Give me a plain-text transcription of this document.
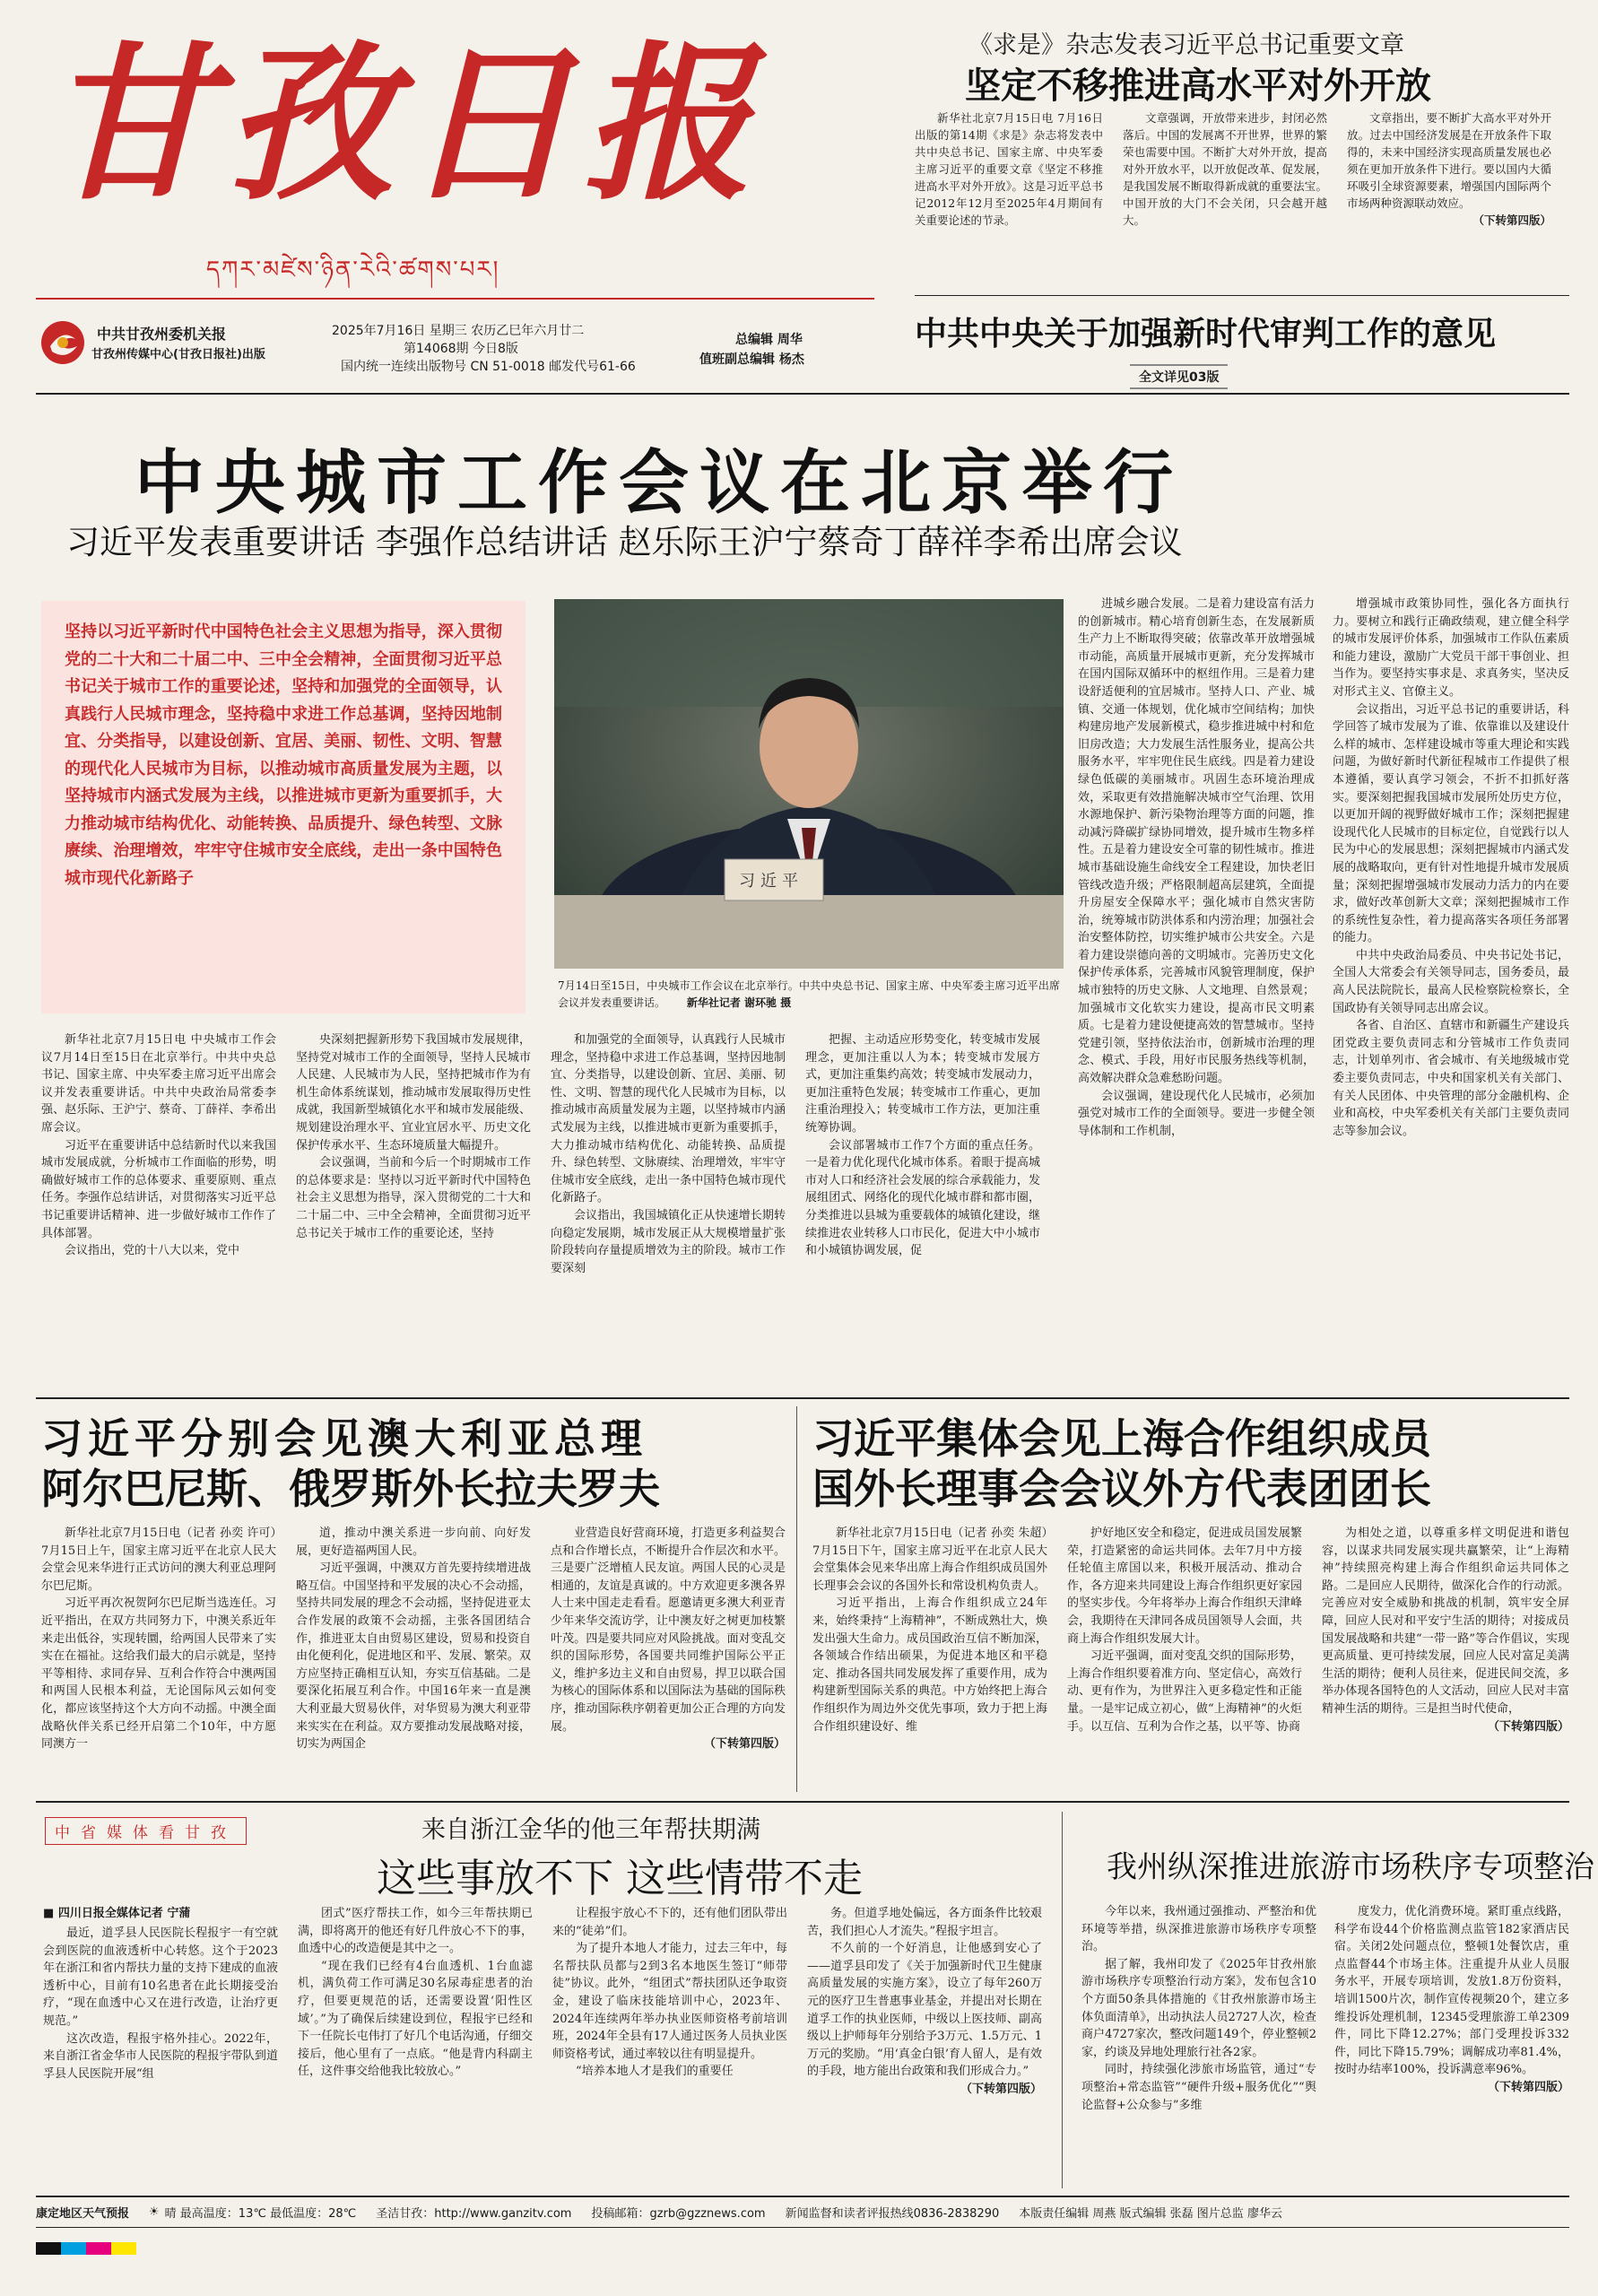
甘孜日报
དཀར་མཛེས་ཉིན་རེའི་ཚགས་པར།
中共甘孜州委机关报
甘孜州传媒中心(甘孜日报社)出版
2025年7月16日 星期三 农历乙巳年六月廿二
第14068期 今日8版
国内统一连续出版物号 CN 51-0018 邮发代号61-66
总编辑 周华
值班副总编辑 杨杰
《求是》杂志发表习近平总书记重要文章
坚定不移推进高水平对外开放

新华社北京7月15日电 7月16日出版的第14期《求是》杂志将发表中共中央总书记、国家主席、中央军委主席习近平的重要文章《坚定不移推进高水平对外开放》。这是习近平总书记2012年12月至2025年4月期间有关重要论述的节录。

文章强调，开放带来进步，封闭必然落后。中国的发展离不开世界，世界的繁荣也需要中国。不断扩大对外开放，提高对外开放水平，以开放促改革、促发展，是我国发展不断取得新成就的重要法宝。中国开放的大门不会关闭，只会越开越大。

文章指出，要不断扩大高水平对外开放。过去中国经济发展是在开放条件下取得的，未来中国经济实现高质量发展也必须在更加开放条件下进行。要以国内大循环吸引全球资源要素，增强国内国际两个市场两种资源联动效应。

（下转第四版）

中共中央关于加强新时代审判工作的意见
全文详见03版
中央城市工作会议在北京举行
习近平发表重要讲话 李强作总结讲话 赵乐际王沪宁蔡奇丁薛祥李希出席会议
坚持以习近平新时代中国特色社会主义思想为指导，深入贯彻党的二十大和二十届二中、三中全会精神，全面贯彻习近平总书记关于城市工作的重要论述，坚持和加强党的全面领导，认真践行人民城市理念，坚持稳中求进工作总基调，坚持因地制宜、分类指导，以建设创新、宜居、美丽、韧性、文明、智慧的现代化人民城市为目标，以推动城市高质量发展为主题，以坚持城市内涵式发展为主线，以推进城市更新为重要抓手，大力推动城市结构优化、动能转换、品质提升、绿色转型、文脉赓续、治理增效，牢牢守住城市安全底线，走出一条中国特色城市现代化新路子	习近平
7月14日至15日，中央城市工作会议在北京举行。中共中央总书记、国家主席、中央军委主席习近平出席会议并发表重要讲话。 新华社记者 谢环驰 摄

新华社北京7月15日电 中央城市工作会议7月14日至15日在北京举行。中共中央总书记、国家主席、中央军委主席习近平出席会议并发表重要讲话。中共中央政治局常委李强、赵乐际、王沪宁、蔡奇、丁薛祥、李希出席会议。

习近平在重要讲话中总结新时代以来我国城市发展成就，分析城市工作面临的形势，明确做好城市工作的总体要求、重要原则、重点任务。李强作总结讲话，对贯彻落实习近平总书记重要讲话精神、进一步做好城市工作作了具体部署。

会议指出，党的十八大以来，党中

央深刻把握新形势下我国城市发展规律，坚持党对城市工作的全面领导，坚持人民城市人民建、人民城市为人民，坚持把城市作为有机生命体系统谋划，推动城市发展取得历史性成就，我国新型城镇化水平和城市发展能级、规划建设治理水平、宜业宜居水平、历史文化保护传承水平、生态环境质量大幅提升。

会议强调，当前和今后一个时期城市工作的总体要求是：坚持以习近平新时代中国特色社会主义思想为指导，深入贯彻党的二十大和二十届二中、三中全会精神，全面贯彻习近平总书记关于城市工作的重要论述，坚持

和加强党的全面领导，认真践行人民城市理念，坚持稳中求进工作总基调，坚持因地制宜、分类指导，以建设创新、宜居、美丽、韧性、文明、智慧的现代化人民城市为目标，以推动城市高质量发展为主题，以坚持城市内涵式发展为主线，以推进城市更新为重要抓手，大力推动城市结构优化、动能转换、品质提升、绿色转型、文脉赓续、治理增效，牢牢守住城市安全底线，走出一条中国特色城市现代化新路子。

会议指出，我国城镇化正从快速增长期转向稳定发展期，城市发展正从大规模增量扩张阶段转向存量提质增效为主的阶段。城市工作要深刻

把握、主动适应形势变化，转变城市发展理念，更加注重以人为本；转变城市发展方式，更加注重集约高效；转变城市发展动力，更加注重特色发展；转变城市工作重心，更加注重治理投入；转变城市工作方法，更加注重统筹协调。

会议部署城市工作7个方面的重点任务。一是着力优化现代化城市体系。着眼于提高城市对人口和经济社会发展的综合承载能力，发展组团式、网络化的现代化城市群和都市圈，分类推进以县城为重要载体的城镇化建设，继续推进农业转移人口市民化，促进大中小城市和小城镇协调发展，促

进城乡融合发展。二是着力建设富有活力的创新城市。精心培育创新生态，在发展新质生产力上不断取得突破；依靠改革开放增强城市动能，高质量开展城市更新，充分发挥城市在国内国际双循环中的枢纽作用。三是着力建设舒适便利的宜居城市。坚持人口、产业、城镇、交通一体规划，优化城市空间结构；加快构建房地产发展新模式，稳步推进城中村和危旧房改造；大力发展生活性服务业，提高公共服务水平，牢牢兜住民生底线。四是着力建设绿色低碳的美丽城市。巩固生态环境治理成效，采取更有效措施解决城市空气治理、饮用水源地保护、新污染物治理等方面的问题，推动减污降碳扩绿协同增效，提升城市生物多样性。五是着力建设安全可靠的韧性城市。推进城市基础设施生命线安全工程建设，加快老旧管线改造升级；严格限制超高层建筑，全面提升房屋安全保障水平；强化城市自然灾害防治，统筹城市防洪体系和内涝治理；加强社会治安整体防控，切实维护城市公共安全。六是着力建设崇德向善的文明城市。完善历史文化保护传承体系，完善城市风貌管理制度，保护城市独特的历史文脉、人文地理、自然景观；加强城市文化软实力建设，提高市民文明素质。七是着力建设便捷高效的智慧城市。坚持党建引领，坚持依法治市，创新城市治理的理念、模式、手段，用好市民服务热线等机制，高效解决群众急难愁盼问题。

会议强调，建设现代化人民城市，必须加强党对城市工作的全面领导。要进一步健全领导体制和工作机制，

增强城市政策协同性，强化各方面执行力。要树立和践行正确政绩观，建立健全科学的城市发展评价体系，加强城市工作队伍素质和能力建设，激励广大党员干部干事创业、担当作为。要坚持实事求是、求真务实，坚决反对形式主义、官僚主义。

会议指出，习近平总书记的重要讲话，科学回答了城市发展为了谁、依靠谁以及建设什么样的城市、怎样建设城市等重大理论和实践问题，为做好新时代新征程城市工作提供了根本遵循，要认真学习领会，不折不扣抓好落实。要深刻把握我国城市发展所处历史方位，以更加开阔的视野做好城市工作；深刻把握建设现代化人民城市的目标定位，自觉践行以人民为中心的发展思想；深刻把握城市内涵式发展的战略取向，更有针对性地提升城市发展质量；深刻把握增强城市发展动力活力的内在要求，做好改革创新大文章；深刻把握城市工作的系统性复杂性，着力提高落实各项任务部署的能力。

中共中央政治局委员、中央书记处书记，全国人大常委会有关领导同志，国务委员，最高人民法院院长，最高人民检察院检察长，全国政协有关领导同志出席会议。

各省、自治区、直辖市和新疆生产建设兵团党政主要负责同志和分管城市工作负责同志，计划单列市、省会城市、有关地级城市党委主要负责同志，中央和国家机关有关部门、有关人民团体、中央管理的部分金融机构、企业和高校，中央军委机关有关部门主要负责同志等参加会议。

习近平分别会见澳大利亚总理
阿尔巴尼斯、俄罗斯外长拉夫罗夫

新华社北京7月15日电（记者 孙奕 许可）7月15日上午，国家主席习近平在北京人民大会堂会见来华进行正式访问的澳大利亚总理阿尔巴尼斯。

习近平再次祝贺阿尔巴尼斯当选连任。习近平指出，在双方共同努力下，中澳关系近年来走出低谷，实现转圜，给两国人民带来了实实在在福祉。这给我们最大的启示就是，坚持平等相待、求同存异、互利合作符合中澳两国和两国人民根本利益，无论国际风云如何变化，都应该坚持这个大方向不动摇。中澳全面战略伙伴关系已经开启第二个10年，中方愿同澳方一

道，推动中澳关系进一步向前、向好发展，更好造福两国人民。

习近平强调，中澳双方首先要持续增进战略互信。中国坚持和平发展的决心不会动摇，坚持共同发展的理念不会动摇，坚持促进亚太合作发展的政策不会动摇，主张各国团结合作，推进亚太自由贸易区建设，贸易和投资自由化便利化，促进地区和平、发展、繁荣。双方应坚持正确相互认知，夯实互信基础。二是要深化拓展互利合作。中国16年来一直是澳大利亚最大贸易伙伴，对华贸易为澳大利亚带来实实在在利益。双方要推动发展战略对接，切实为两国企

业营造良好营商环境，打造更多利益契合点和合作增长点，不断提升合作层次和水平。三是要广泛增植人民友谊。两国人民的心灵是相通的，友谊是真诚的。中方欢迎更多澳各界人士来中国走走看看。愿邀请更多澳大利亚青少年来华交流访学，让中澳友好之树更加枝繁叶茂。四是要共同应对风险挑战。面对变乱交织的国际形势，各国要共同维护国际公平正义，维护多边主义和自由贸易，捍卫以联合国为核心的国际体系和以国际法为基础的国际秩序，推动国际秩序朝着更加公正合理的方向发展。

（下转第四版）

习近平集体会见上海合作组织成员
国外长理事会会议外方代表团团长

新华社北京7月15日电（记者 孙奕 朱超）7月15日下午，国家主席习近平在北京人民大会堂集体会见来华出席上海合作组织成员国外长理事会会议的各国外长和常设机构负责人。

习近平指出，上海合作组织成立24年来，始终秉持“上海精神”，不断成熟壮大，焕发出强大生命力。成员国政治互信不断加深，各领域合作结出硕果，为促进本地区和平稳定、推动各国共同发展发挥了重要作用，成为构建新型国际关系的典范。中方始终把上海合作组织作为周边外交优先事项，致力于把上海合作组织建设好、维

护好地区安全和稳定，促进成员国发展繁荣，打造紧密的命运共同体。去年7月中方接任轮值主席国以来，积极开展活动、推动合作，各方迎来共同建设上海合作组织更好家园的坚实步伐。今年将举办上海合作组织天津峰会，我期待在天津同各成员国领导人会面，共商上海合作组织发展大计。

习近平强调，面对变乱交织的国际形势，上海合作组织要着准方向、坚定信心，高效行动、更有作为，为世界注入更多稳定性和正能量。一是牢记成立初心，做“上海精神”的火炬手。以互信、互利为合作之基，以平等、协商

为相处之道，以尊重多样文明促进和谐包容，以谋求共同发展实现共赢繁荣，让“上海精神”持续照亮构建上海合作组织命运共同体之路。二是回应人民期待，做深化合作的行动派。完善应对安全威胁和挑战的机制，筑牢安全屏障，回应人民对和平安宁生活的期待；对接成员国发展战略和共建“一带一路”等合作倡议，实现更高质量、更可持续发展，回应人民对富足美满生活的期待；便利人员往来，促进民间交流，多举办体现各国特色的人文活动，回应人民对丰富精神生活的期待。三是担当时代使命，

（下转第四版）

中省媒体看甘孜	来自浙江金华的他三年帮扶期满
这些事放不下 这些情带不走
■ 四川日报全媒体记者 宁蒲

最近，道孚县人民医院长程报宇一有空就会到医院的血液透析中心转悠。这个于2023年在浙江和省内帮扶力量的支持下建成的血液透析中心，目前有10名患者在此长期接受治疗，“现在血透中心又在进行改造，让治疗更规范。”

这次改造，程报宇格外挂心。2022年，来自浙江省金华市人民医院的程报宇带队到道孚县人民医院开展“组

团式”医疗帮扶工作，如今三年帮扶期已满，即将离开的他还有好几件放心不下的事，血透中心的改造便是其中之一。

“现在我们已经有4台血透机、1台血滤机，满负荷工作可满足30名尿毒症患者的治疗，但要更规范的话，还需要设置‘阳性区域’。”为了确保后续建设到位，程报宇已经和下一任院长屯伟打了好几个电话沟通，仔细交接后，他心里有了一点底。“他是背内科副主任，这件事交给他我比较放心。”

让程报宇放心不下的，还有他们团队带出来的“徒弟”们。

为了提升本地人才能力，过去三年中，每名帮扶队员都与2到3名本地医生签订“师带徒”协议。此外，“组团式”帮扶团队还争取资金，建设了临床技能培训中心，2023年、2024年连续两年举办执业医师资格考前培训班，2024年全县有17人通过医务人员执业医师资格考试，通过率较以往有明显提升。

“培养本地人才是我们的重要任

务。但道孚地处偏远，各方面条件比较艰苦，我们担心人才流失。”程报宇坦言。

不久前的一个好消息，让他感到安心了——道孚县印发了《关于加强新时代卫生健康高质量发展的实施方案》，设立了每年260万元的医疗卫生普惠事业基金，并提出对长期在道孚工作的执业医师，中级以上医技师、副高级以上护师每年分别给予3万元、1.5万元、1万元的奖励。“用‘真金白银’育人留人，是有效的手段，地方能出台政策和我们形成合力。”

（下转第四版）

我州纵深推进旅游市场秩序专项整治

今年以来，我州通过强推动、严整治和优环境等举措，纵深推进旅游市场秩序专项整治。

据了解，我州印发了《2025年甘孜州旅游市场秩序专项整治行动方案》，发布包含10个方面50条具体措施的《甘孜州旅游市场主体负面清单》，出动执法人员2727人次，检查商户4727家次，整改问题149个，停业整顿2家，约谈及异地处理旅行社各2家。

同时，持续强化涉旅市场监管，通过“专项整治+常态监管”“硬件升级+服务优化”“舆论监督+公众参与”多维

度发力，优化消费环境。紧盯重点线路，科学布设44个价格监测点监管182家酒店民宿。关闭2处问题点位，整顿1处餐饮店，重点监督44个市场主体。注重提升从业人员服务水平，开展专项培训，发放1.8万份资料，培训1500片次，制作宣传视频20个，建立多维投诉处理机制，12345受理旅游工单2309件，同比下降12.27%；部门受理投诉332件，同比下降15.79%；调解成功率81.4%，按时办结率100%，投诉满意率96%。

（下转第四版）

康定地区天气预报 ☀ 晴 最高温度：13℃ 最低温度：28℃ 圣洁甘孜：http://www.ganzitv.com 投稿邮箱：gzrb@gzznews.com 新闻监督和读者评报热线0836-2838290 本版责任编辑 周燕 版式编辑 张磊 图片总监 廖华云
